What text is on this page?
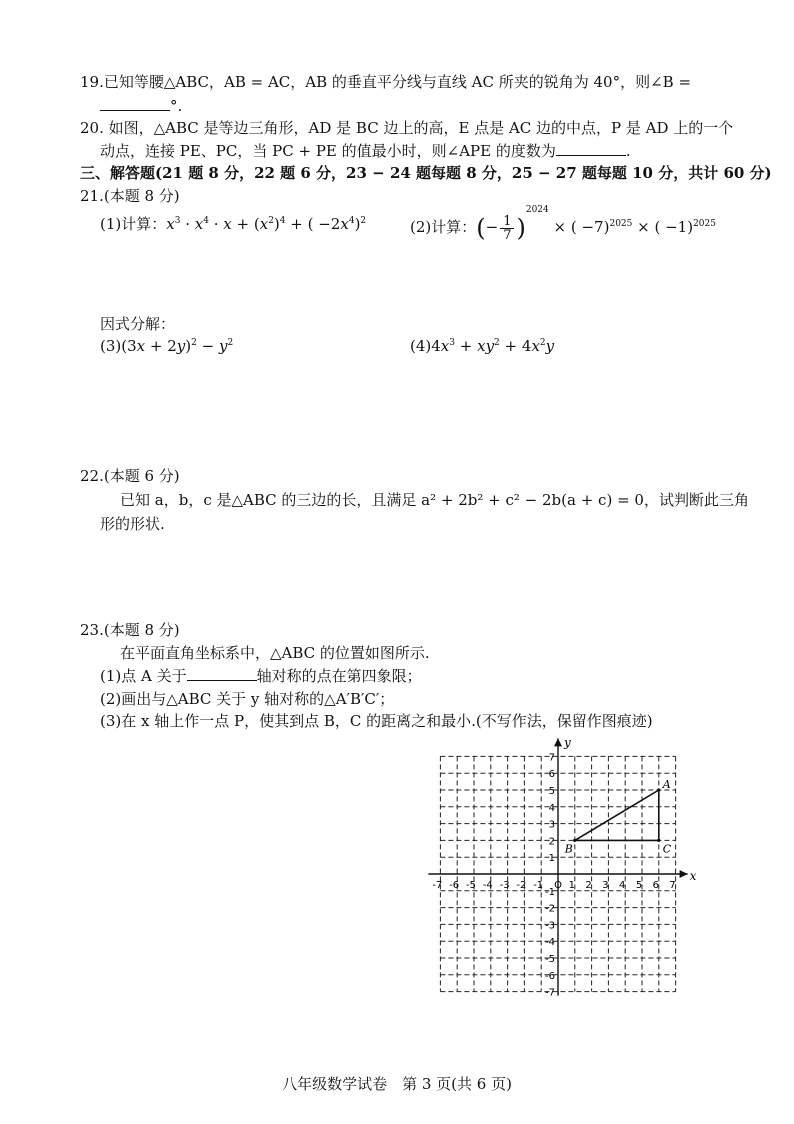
19.已知等腰△ABC，AB = AC，AB 的垂直平分线与直线 AC 所夹的锐角为 40°，则∠B =
°.
20. 如图，△ABC 是等边三角形，AD 是 BC 边上的高，E 点是 AC 边的中点，P 是 AD 上的一个
动点，连接 PE、PC，当 PC + PE 的值最小时，则∠APE 的度数为	.
三、解答题(21 题 8 分，22 题 6 分，23 − 24 题每题 8 分，25 − 27 题每题 10 分，共计 60 分)
21.(本题 8 分)
(1)计算：$x^3 \cdot x^4 \cdot x + (x^2)^4$ + ( $-2x^4)^2$	(2)计算：(− $\frac{1}{7} )^{2024}$ × ( −7)$^{2025}$ × ( −1)$^{2025}$
因式分解：
$(3)(3x + 2y)^2 - y^2$	$(4)4x^3 + xy^2 + 4x^2y$
22.(本题 6 分)
已知 a，b，c 是△ABC 的三边的长，且满足 a² + 2b² + c² − 2b(a + c) = 0，试判断此三角
形的形状.
23.(本题 8 分)
在平面直角坐标系中，△ABC 的位置如图所示.
(1)点 A 关于	轴对称的点在第四象限；
(2)画出与△ABC 关于 y 轴对称的△A′B′C′；
(3)在 x 轴上作一点 P，使其到点 B，C 的距离之和最小.(不写作法，保留作图痕迹)
x
y
-7 -6 -5 -4 -3 -2 -1 O 1 2 3 4 5 6 7
7
6
5
4
3
2
1
-1
-2
-3
-4
-5
-6
-7
A
B	C
八年级数学试卷　第 3 页(共 6 页)
